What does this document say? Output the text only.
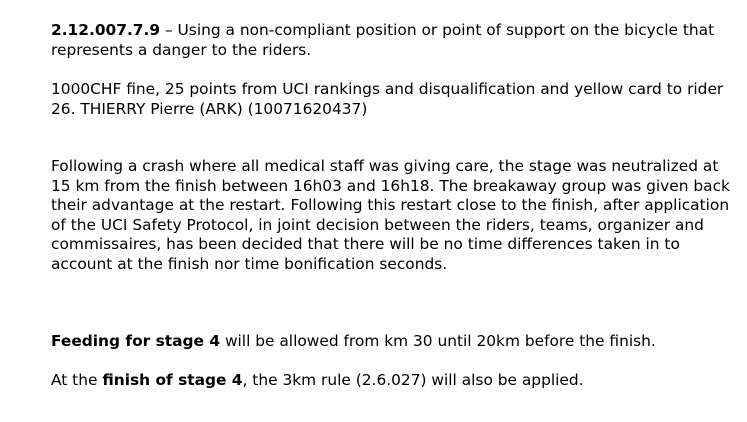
2.12.007.7.9 – Using a non-compliant position or point of support on the bicycle that represents a danger to the riders.

1000CHF fine, 25 points from UCI rankings and disqualification and yellow card to rider 26. THIERRY Pierre (ARK) (10071620437)

Following a crash where all medical staff was giving care, the stage was neutralized at 15 km from the finish between 16h03 and 16h18. The breakaway group was given back their advantage at the restart. Following this restart close to the finish, after application of the UCI Safety Protocol, in joint decision between the riders, teams, organizer and commissaires, has been decided that there will be no time differences taken in to account at the finish nor time bonification seconds.

Feeding for stage 4 will be allowed from km 30 until 20km before the finish.

At the finish of stage 4, the 3km rule (2.6.027) will also be applied.
